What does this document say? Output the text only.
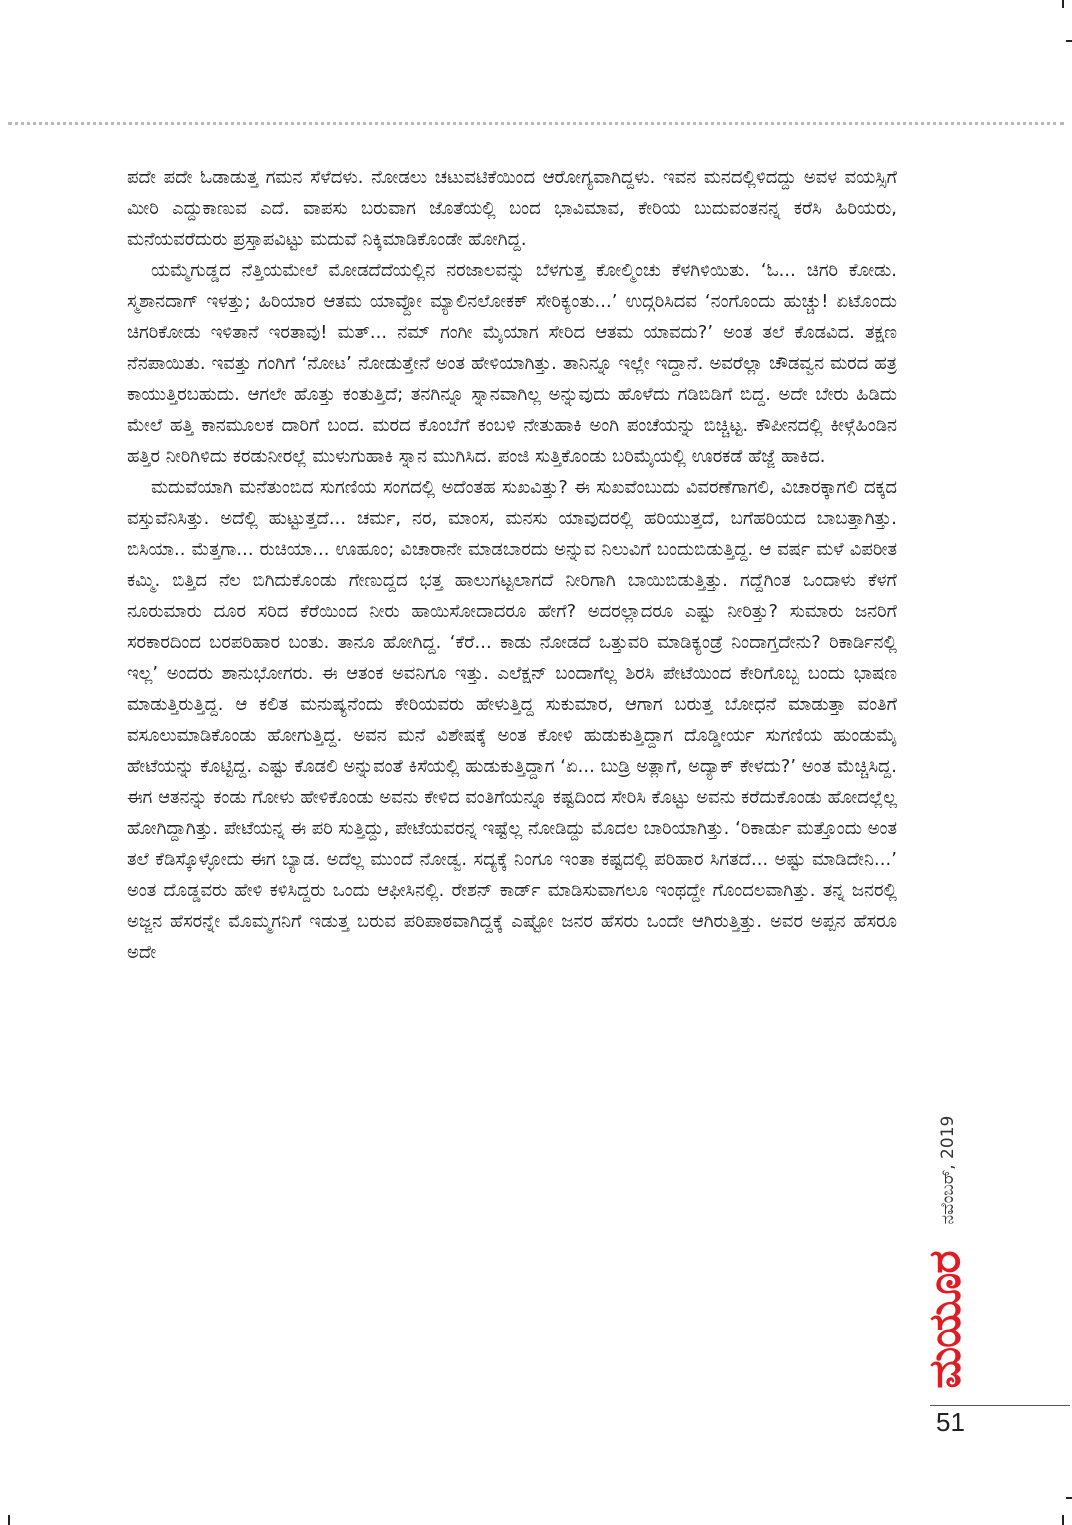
ಪದೇ ಪದೇ ಓಡಾಡುತ್ತ ಗಮನ ಸೆಳೆದಳು. ನೋಡಲು ಚಟುವಟಿಕೆಯಿಂದ ಆರೋಗ್ಯವಾಗಿದ್ದಳು. ಇವನ ಮನದಲ್ಲಿಳಿದದ್ದು ಅವಳ ವಯಸ್ಸಿಗೆ ಮೀರಿ ಎದ್ದುಕಾಣುವ ಎದೆ. ವಾಪಸು ಬರುವಾಗ ಜೊತೆಯಲ್ಲಿ ಬಂದ ಭಾವಿಮಾವ, ಕೇರಿಯ ಬುದುವಂತನನ್ನ ಕರೆಸಿ ಹಿರಿಯರು, ಮನೆಯವರೆದುರು ಪ್ರಸ್ತಾಪವಿಟ್ಟು ಮದುವೆ ನಿಕ್ಕಿಮಾಡಿಕೊಂಡೇ ಹೋಗಿದ್ದ.

ಯಮ್ಮೆಗುಡ್ಡದ ನೆತ್ತಿಯಮೇಲೆ ಮೋಡದೆದೆಯಲ್ಲಿನ ನರಜಾಲವನ್ನು ಬೆಳಗುತ್ತ ಕೋಲ್ಮಿಂಚು ಕೆಳಗಿಳಿಯಿತು. ‘ಓ... ಚಿಗರಿ ಕೋಡು. ಸ್ಮಶಾನದಾಗ್ ಇಳತ್ತು; ಹಿರಿಯಾರ ಆತಮ ಯಾವ್ದೋ ಮ್ಯಾಲಿನಲೋಕಕ್ ಸೇರಿಕ್ಯಂತು...’ ಉದ್ಗರಿಸಿದವ ‘ನಂಗೊಂದು ಹುಚ್ಚು! ಏಟೊಂದು ಚಿಗರಿಕೋಡು ಇಳಿತಾನೆ ಇರತಾವು! ಮತ್... ನಮ್ ಗಂಗೀ ಮೈಯಾಗ ಸೇರಿದ ಆತಮ ಯಾವದು?’ ಅಂತ ತಲೆ ಕೊಡವಿದ. ತಕ್ಷಣ ನೆನಪಾಯಿತು. ಇವತ್ತು ಗಂಗಿಗೆ ‘ನೋಟ’ ನೋಡುತ್ತೇನೆ ಅಂತ ಹೇಳಿಯಾಗಿತ್ತು. ತಾನಿನ್ನೂ ಇಲ್ಲೇ ಇದ್ದಾನೆ. ಅವರೆಲ್ಲಾ ಚೌಡವ್ವನ ಮರದ ಹತ್ರ ಕಾಯುತ್ತಿರಬಹುದು. ಆಗಲೇ ಹೊತ್ತು ಕಂತುತ್ತಿದೆ; ತನಗಿನ್ನೂ ಸ್ನಾನವಾಗಿಲ್ಲ ಅನ್ನುವುದು ಹೊಳೆದು ಗಡಿಬಿಡಿಗೆ ಬಿದ್ದ. ಅದೇ ಬೇರು ಹಿಡಿದು ಮೇಲೆ ಹತ್ತಿ ಕಾನಮೂಲಕ ದಾರಿಗೆ ಬಂದ. ಮರದ ಕೊಂಬೆಗೆ ಕಂಬಳಿ ನೇತುಹಾಕಿ ಅಂಗಿ ಪಂಚೆಯನ್ನು ಬಿಚ್ಚಿಟ್ಟ. ಕೌಪೀನದಲ್ಲಿ ಕೀಳ್ಗೆಹಿಂಡಿನ ಹತ್ತಿರ ನೀರಿಗಿಳಿದು ಕರಡುನೀರಲ್ಲೆ ಮುಳುಗುಹಾಕಿ ಸ್ನಾನ ಮುಗಿಸಿದ. ಪಂಜಿ ಸುತ್ತಿಕೊಂಡು ಬರಿಮೈಯಲ್ಲಿ ಊರಕಡೆ ಹೆಜ್ಜೆ ಹಾಕಿದ.

ಮದುವೆಯಾಗಿ ಮನೆತುಂಬಿದ ಸುಗಣಿಯ ಸಂಗದಲ್ಲಿ ಅದೆಂತಹ ಸುಖವಿತ್ತು? ಈ ಸುಖವೆಂಬುದು ವಿವರಣೆಗಾಗಲಿ, ವಿಚಾರಕ್ಕಾಗಲಿ ದಕ್ಕದ ವಸ್ತುವೆನಿಸಿತ್ತು. ಅದೆಲ್ಲಿ ಹುಟ್ಟುತ್ತದೆ... ಚರ್ಮ, ನರ, ಮಾಂಸ, ಮನಸು ಯಾವುದರಲ್ಲಿ ಹರಿಯುತ್ತದೆ, ಬಗೆಹರಿಯದ ಬಾಬತ್ತಾಗಿತ್ತು. ಬಿಸಿಯಾ.. ಮೆತ್ತಗಾ... ರುಚಿಯಾ... ಊಹೂಂ; ವಿಚಾರಾನೇ ಮಾಡಬಾರದು ಅನ್ನುವ ನಿಲುವಿಗೆ ಬಂದುಬಿಡುತ್ತಿದ್ದ. ಆ ವರ್ಷ ಮಳೆ ವಿಪರೀತ ಕಮ್ಮಿ. ಬಿತ್ತಿದ ನೆಲ ಬಿಗಿದುಕೊಂಡು ಗೇಣುದ್ದದ ಭತ್ತ ಹಾಲುಗಟ್ಟಲಾಗದೆ ನೀರಿಗಾಗಿ ಬಾಯಿಬಿಡುತ್ತಿತ್ತು. ಗದ್ದೆಗಿಂತ ಒಂದಾಳು ಕೆಳಗೆ ನೂರುಮಾರು ದೂರ ಸರಿದ ಕೆರೆಯಿಂದ ನೀರು ಹಾಯಿಸೋದಾದರೂ ಹೇಗೆ? ಅದರಲ್ಲಾದರೂ ಎಷ್ಟು ನೀರಿತ್ತು? ಸುಮಾರು ಜನರಿಗೆ ಸರಕಾರದಿಂದ ಬರಪರಿಹಾರ ಬಂತು. ತಾನೂ ಹೋಗಿದ್ದ. ‘ಕೆರೆ... ಕಾಡು ನೋಡದೆ ಒತ್ತುವರಿ ಮಾಡಿಕ್ಯಂಡ್ರೆ ನಿಂದಾಗ್ತದೇನು? ರಿಕಾರ್ಡಿನಲ್ಲಿ ಇಲ್ಲ’ ಅಂದರು ಶಾನುಭೋಗರು. ಈ ಆತಂಕ ಅವನಿಗೂ ಇತ್ತು. ಎಲೆಕ್ಷನ್ ಬಂದಾಗೆಲ್ಲ ಶಿರಸಿ ಪೇಟೆಯಿಂದ ಕೇರಿಗೊಬ್ಬ ಬಂದು ಭಾಷಣ ಮಾಡುತ್ತಿರುತ್ತಿದ್ದ. ಆ ಕಲಿತ ಮನುಷ್ಯನೆಂದು ಕೇರಿಯವರು ಹೇಳುತ್ತಿದ್ದ ಸುಕುಮಾರ, ಆಗಾಗ ಬರುತ್ತ ಬೋಧನೆ ಮಾಡುತ್ತಾ ವಂತಿಗೆ ವಸೂಲುಮಾಡಿಕೊಂಡು ಹೋಗುತ್ತಿದ್ದ. ಅವನ ಮನೆ ವಿಶೇಷಕ್ಕೆ ಅಂತ ಕೋಳಿ ಹುಡುಕುತ್ತಿದ್ದಾಗ ದೊಡ್ಡೀರ್ಯ ಸುಗಣಿಯ ಹುಂಡುಮೈ ಹೇಟೆಯನ್ನು ಕೊಟ್ಟಿದ್ದ. ಎಷ್ಟು ಕೊಡಲಿ ಅನ್ನುವಂತೆ ಕಿಸೆಯಲ್ಲಿ ಹುಡುಕುತ್ತಿದ್ದಾಗ ‘ಏ... ಬುಡ್ರಿ ಅತ್ಲಾಗೆ, ಅದ್ಯಾಕ್ ಕೇಳದು?’ ಅಂತ ಮೆಚ್ಚಿಸಿದ್ದ. ಈಗ ಆತನನ್ನು ಕಂಡು ಗೋಳು ಹೇಳಿಕೊಂಡು ಅವನು ಕೇಳಿದ ವಂತಿಗೆಯನ್ನೂ ಕಷ್ಟದಿಂದ ಸೇರಿಸಿ ಕೊಟ್ಟು ಅವನು ಕರೆದುಕೊಂಡು ಹೋದಲ್ಲೆಲ್ಲ ಹೋಗಿದ್ದಾಗಿತ್ತು. ಪೇಟೆಯನ್ನ ಈ ಪರಿ ಸುತ್ತಿದ್ದು, ಪೇಟೆಯವರನ್ನ ಇಷ್ಟೆಲ್ಲ ನೋಡಿದ್ದು ಮೊದಲ ಬಾರಿಯಾಗಿತ್ತು. ‘ರಿಕಾರ್ಡು ಮತ್ತೊಂದು ಅಂತ ತಲೆ ಕೆಡಿಸ್ಕೊಳ್ಳೋದು ಈಗ ಬ್ಯಾಡ. ಅದೆಲ್ಲ ಮುಂದೆ ನೋಡ್ವ. ಸದ್ಯಕ್ಕೆ ನಿಂಗೂ ಇಂತಾ ಕಷ್ಟದಲ್ಲಿ ಪರಿಹಾರ ಸಿಗತದೆ... ಅಷ್ಟು ಮಾಡಿದೇನಿ...’ ಅಂತ ದೊಡ್ಡವರು ಹೇಳಿ ಕಳಿಸಿದ್ದರು ಒಂದು ಆಫೀಸಿನಲ್ಲಿ. ರೇಶನ್ ಕಾರ್ಡ್ ಮಾಡಿಸುವಾಗಲೂ ಇಂಥದ್ದೇ ಗೊಂದಲವಾಗಿತ್ತು. ತನ್ನ ಜನರಲ್ಲಿ ಅಜ್ಜನ ಹೆಸರನ್ನೇ ಮೊಮ್ಮಗನಿಗೆ ಇಡುತ್ತ ಬರುವ ಪರಿಪಾಠವಾಗಿದ್ದಕ್ಕೆ ಎಷ್ಟೋ ಜನರ ಹೆಸರು ಒಂದೇ ಆಗಿರುತ್ತಿತ್ತು. ಅವರ ಅಪ್ಪನ ಹೆಸರೂ ಅದೇ

ನವೆಂಬರ್, 2019
ಮಯೂರ
51
